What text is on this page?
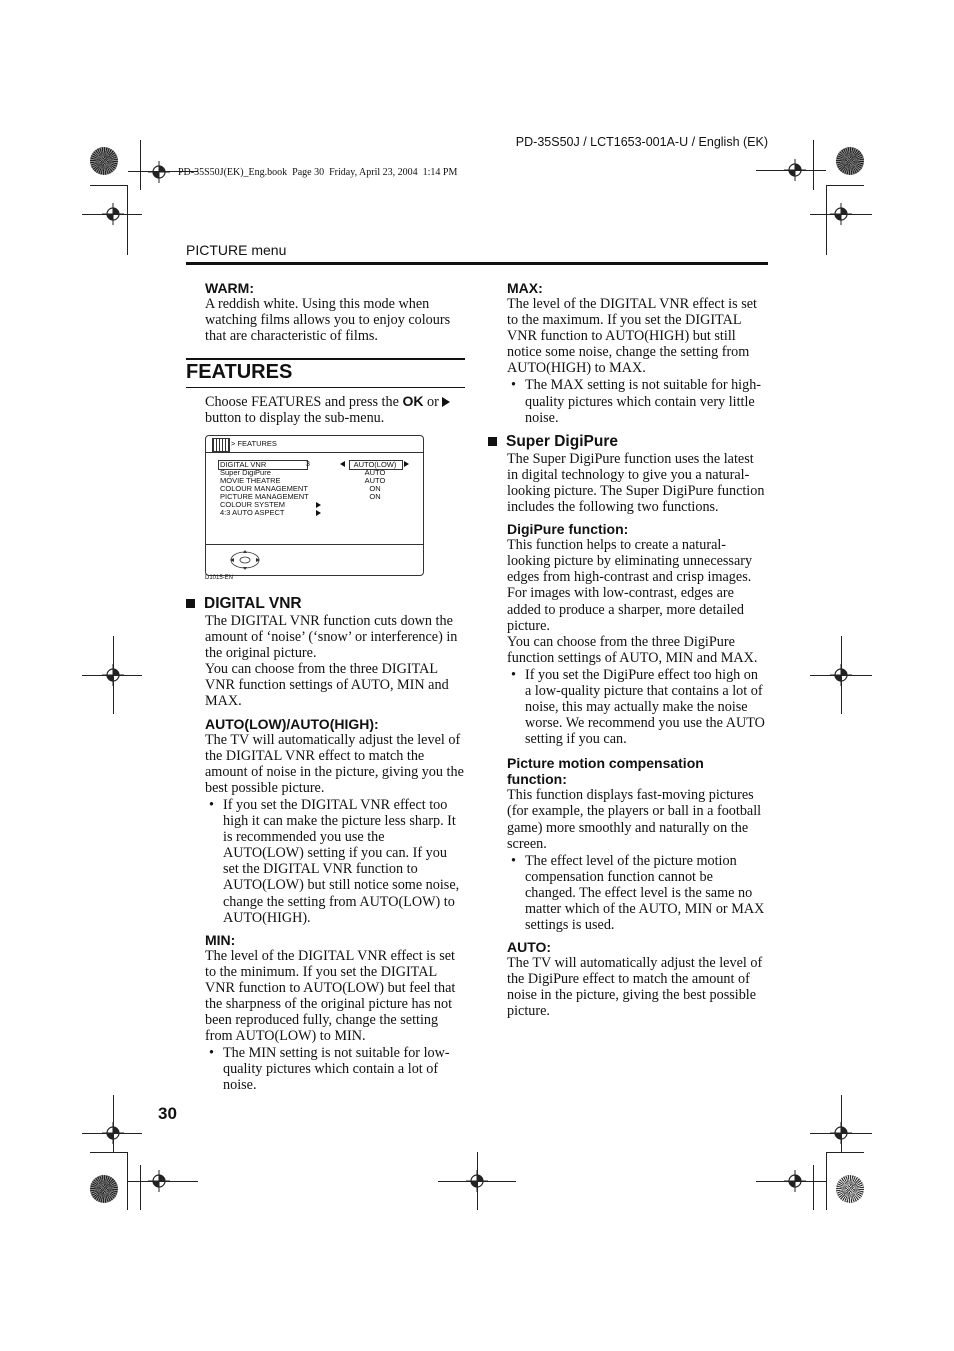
PD-35S50J / LCT1653-001A-U / English (EK)
PD-35S50J(EK)_Eng.book  Page 30  Friday, April 23, 2004  1:14 PM
PICTURE menu
WARM:
A reddish white. Using this mode when watching films allows you to enjoy colours that are characteristic of films.
FEATURES
Choose FEATURES and press the OK or
button to display the sub-menu.
> FEATURES
3
DIGITAL VNR
Super DigiPure
MOVIE THEATRE
COLOUR MANAGEMENT
PICTURE MANAGEMENT
COLOUR SYSTEM
4:3 AUTO ASPECT
AUTO(LOW)
AUTO
AUTO
ON
ON
D1015-EN
DIGITAL VNR
The DIGITAL VNR function cuts down the amount of ‘noise’ (‘snow’ or interference) in the original picture.
You can choose from the three DIGITAL VNR function settings of AUTO, MIN and MAX.
AUTO(LOW)/AUTO(HIGH):
The TV will automatically adjust the level of the DIGITAL VNR effect to match the amount of noise in the picture, giving you the best possible picture.
• If you set the DIGITAL VNR effect too high it can make the picture less sharp. It is recommended you use the AUTO(LOW) setting if you can. If you set the DIGITAL VNR function to AUTO(LOW) but still notice some noise, change the setting from AUTO(LOW) to AUTO(HIGH).
MIN:
The level of the DIGITAL VNR effect is set to the minimum. If you set the DIGITAL VNR function to AUTO(LOW) but feel that the sharpness of the original picture has not been reproduced fully, change the setting from AUTO(LOW) to MIN.
• The MIN setting is not suitable for low-quality pictures which contain a lot of noise.
30
MAX:
The level of the DIGITAL VNR effect is set to the maximum. If you set the DIGITAL VNR function to AUTO(HIGH) but still notice some noise, change the setting from AUTO(HIGH) to MAX.
• The MAX setting is not suitable for high-quality pictures which contain very little noise.
Super DigiPure
The Super DigiPure function uses the latest in digital technology to give you a natural-looking picture. The Super DigiPure function includes the following two functions.
DigiPure function:
This function helps to create a natural-looking picture by eliminating unnecessary edges from high-contrast and crisp images. For images with low-contrast, edges are added to produce a sharper, more detailed picture.
You can choose from the three DigiPure function settings of AUTO, MIN and MAX.
• If you set the DigiPure effect too high on a low-quality picture that contains a lot of noise, this may actually make the noise worse. We recommend you use the AUTO setting if you can.
Picture motion compensation function:
This function displays fast-moving pictures (for example, the players or ball in a football game) more smoothly and naturally on the screen.
• The effect level of the picture motion compensation function cannot be changed. The effect level is the same no matter which of the AUTO, MIN or MAX settings is used.
AUTO:
The TV will automatically adjust the level of the DigiPure effect to match the amount of noise in the picture, giving the best possible picture.
